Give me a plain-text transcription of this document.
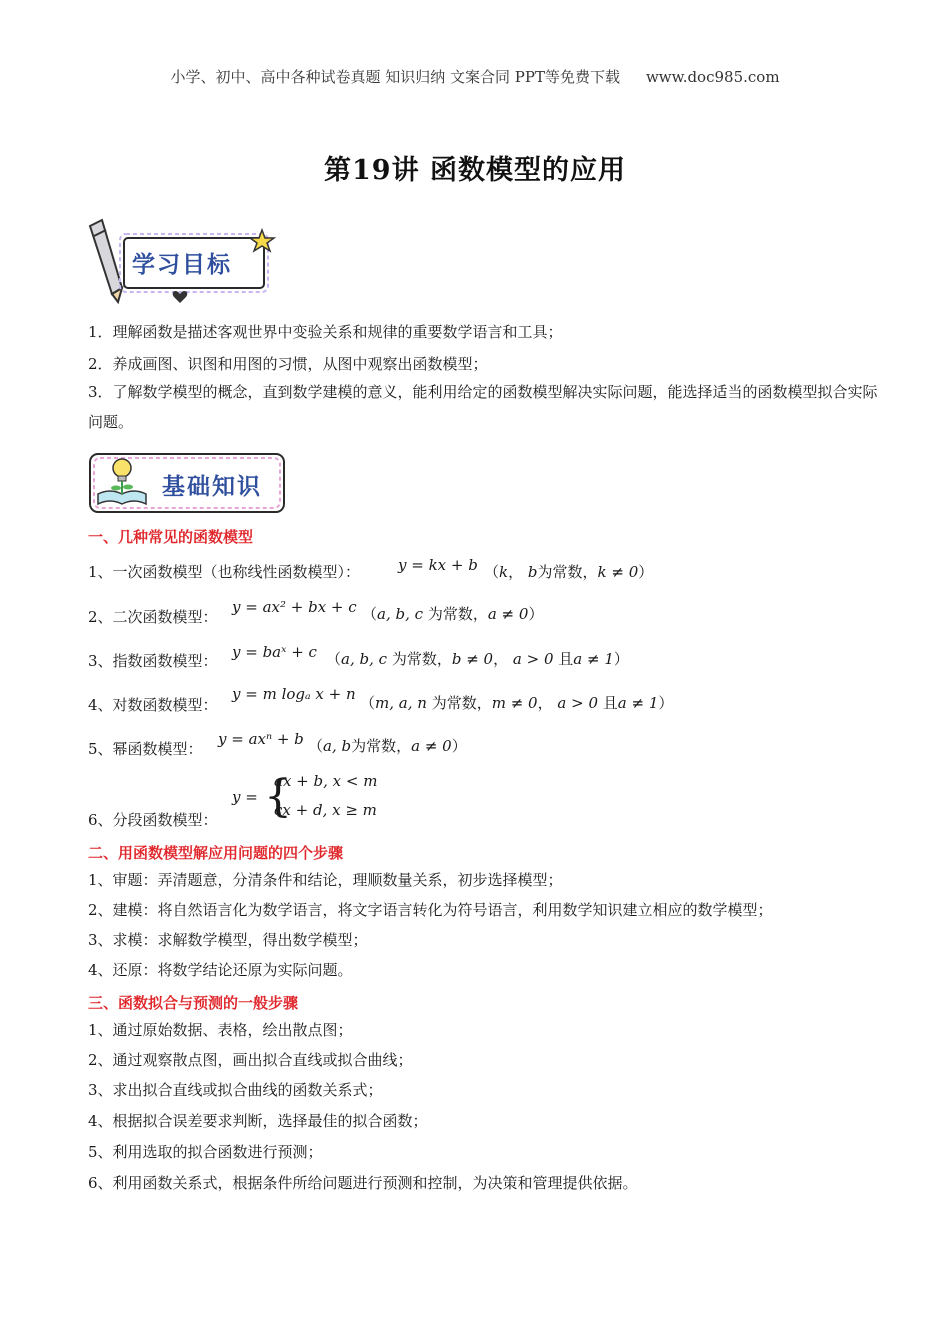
小学、初中、高中各种试卷真题 知识归纳 文案合同 PPT等免费下载 www.doc985.com
第19讲 函数模型的应用
学习目标
1．理解函数是描述客观世界中变验关系和规律的重要数学语言和工具；
2．养成画图、识图和用图的习惯，从图中观察出函数模型；
3．了解数学模型的概念，直到数学建模的意义，能利用给定的函数模型解决实际问题，能选择适当的函数模型拟合实际问题。
基础知识
一、几种常见的函数模型
1、一次函数模型（也称线性函数模型）：	y = kx + b （k， b为常数，k ≠ 0）
2、二次函数模型：
y = ax² + bx + c （a, b, c 为常数，a ≠ 0）
3、指数函数模型： y = baˣ + c （a, b, c 为常数，b ≠ 0， a > 0 且a ≠ 1）
4、对数函数模型：
y = m logₐ x + n （m, a, n 为常数，m ≠ 0， a > 0 且a ≠ 1）
5、幂函数模型：
y = axⁿ + b （a, b为常数，a ≠ 0）
y = {
ax + b, x < m
cx + d, x ≥ m
6、分段函数模型：
二、用函数模型解应用问题的四个步骤
1、审题：弄清题意，分清条件和结论，理顺数量关系，初步选择模型；
2、建模：将自然语言化为数学语言，将文字语言转化为符号语言，利用数学知识建立相应的数学模型；
3、求模：求解数学模型，得出数学模型；
4、还原：将数学结论还原为实际问题。
三、函数拟合与预测的一般步骤
1、通过原始数据、表格，绘出散点图；
2、通过观察散点图，画出拟合直线或拟合曲线；
3、求出拟合直线或拟合曲线的函数关系式；
4、根据拟合误差要求判断，选择最佳的拟合函数；
5、利用选取的拟合函数进行预测；
6、利用函数关系式，根据条件所给问题进行预测和控制，为决策和管理提供依据。
